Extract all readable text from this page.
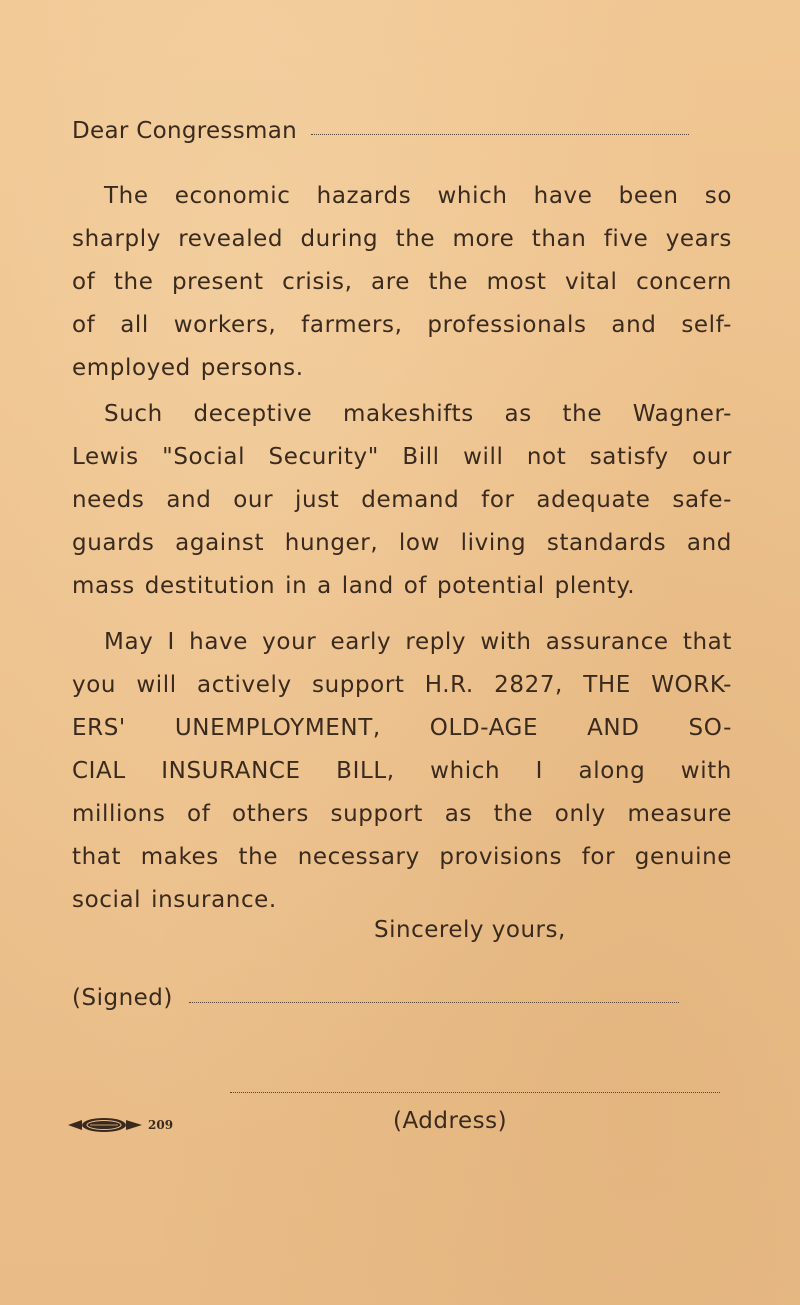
Dear Congressman

The economic hazards which have been so
sharply revealed during the more than five years
of the present crisis, are the most vital concern
of all workers, farmers, professionals and self-
employed persons.

Such deceptive makeshifts as the Wagner-
Lewis "Social Security" Bill will not satisfy our
needs and our just demand for adequate safe-
guards against hunger, low living standards and
mass destitution in a land of potential plenty.

May I have your early reply with assurance that
you will actively support H.R. 2827, THE WORK-
ERS' UNEMPLOYMENT, OLD-AGE AND SO-
CIAL INSURANCE BILL, which I along with
millions of others support as the only measure
that makes the necessary provisions for genuine
social insurance.

Sincerely yours,
(Signed)
209	(Address)
